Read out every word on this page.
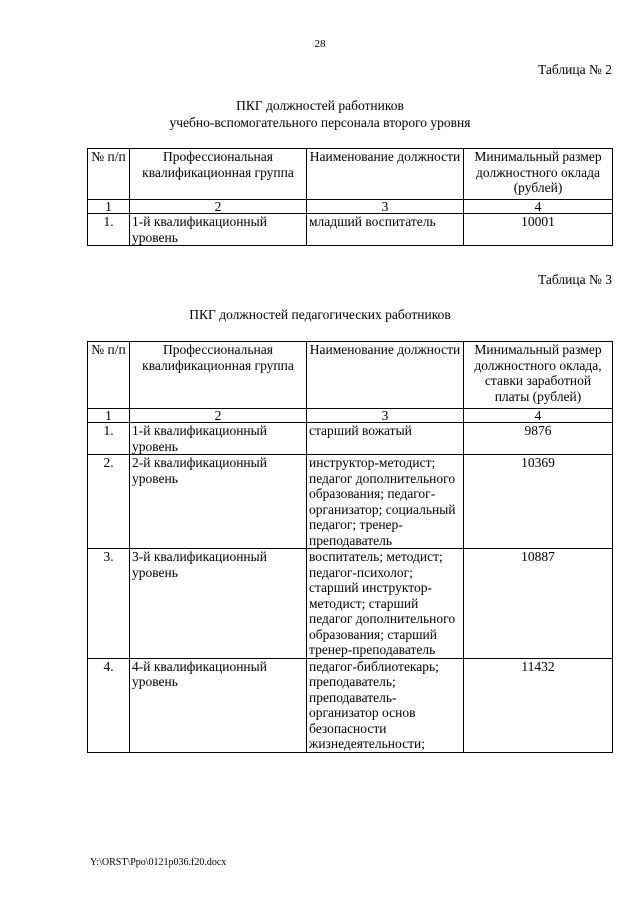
28
Таблица № 2
ПКГ должностей работников
учебно-вспомогательного персонала второго уровня
№ п/п	Профессиональная квалификационная группа	Наименование должности	Минимальный размер должностного оклада (рублей)
1	2	3	4
1.	1-й квалификационный уровень	младший воспитатель	10001
Таблица № 3
ПКГ должностей педагогических работников
№ п/п	Профессиональная квалификационная группа	Наименование должности	Минимальный размер должностного оклада, ставки заработной платы (рублей)
1	2	3	4
1.	1-й квалификационный уровень	старший вожатый	9876
2.	2-й квалификационный уровень	инструктор-методист; педагог дополнительного образования; педагог-организатор; социальный педагог; тренер-преподаватель	10369
3.	3-й квалификационный уровень	воспитатель; методист; педагог-психолог; старший инструктор-методист; старший педагог дополнительного образования; старший тренер-преподаватель	10887
4.	4-й квалификационный уровень	педагог-библиотекарь; преподаватель; преподаватель-организатор основ безопасности жизнедеятельности;	11432
Y:\ORST\Ppo\0121p036.f20.docx
